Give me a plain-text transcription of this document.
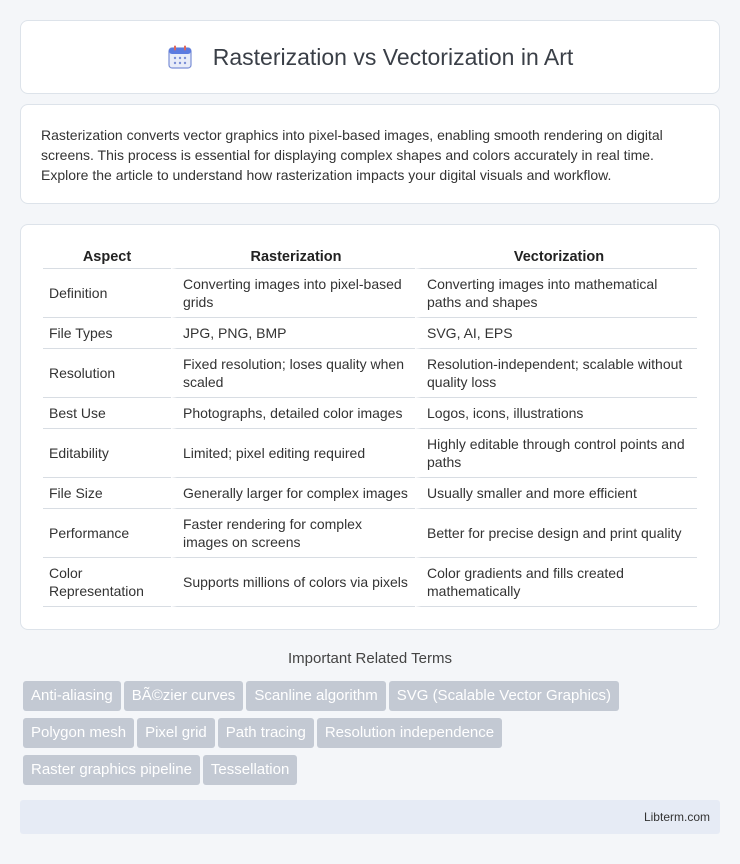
Rasterization vs Vectorization in Art

Rasterization converts vector graphics into pixel-based images, enabling smooth rendering on digital screens. This process is essential for displaying complex shapes and colors accurately in real time. Explore the article to understand how rasterization impacts your digital visuals and workflow.

Aspect	Rasterization	Vectorization
Definition	Converting images into pixel-based grids	Converting images into mathematical paths and shapes
File Types	JPG, PNG, BMP	SVG, AI, EPS
Resolution	Fixed resolution; loses quality when scaled	Resolution-independent; scalable without quality loss
Best Use	Photographs, detailed color images	Logos, icons, illustrations
Editability	Limited; pixel editing required	Highly editable through control points and paths
File Size	Generally larger for complex images	Usually smaller and more efficient
Performance	Faster rendering for complex images on screens	Better for precise design and print quality
Color Representation	Supports millions of colors via pixels	Color gradients and fills created mathematically
Important Related Terms
Anti-aliasing BÃ©zier curves Scanline algorithm SVG (Scalable Vector Graphics)
Polygon mesh Pixel grid Path tracing Resolution independence
Raster graphics pipeline Tessellation
Libterm.com
